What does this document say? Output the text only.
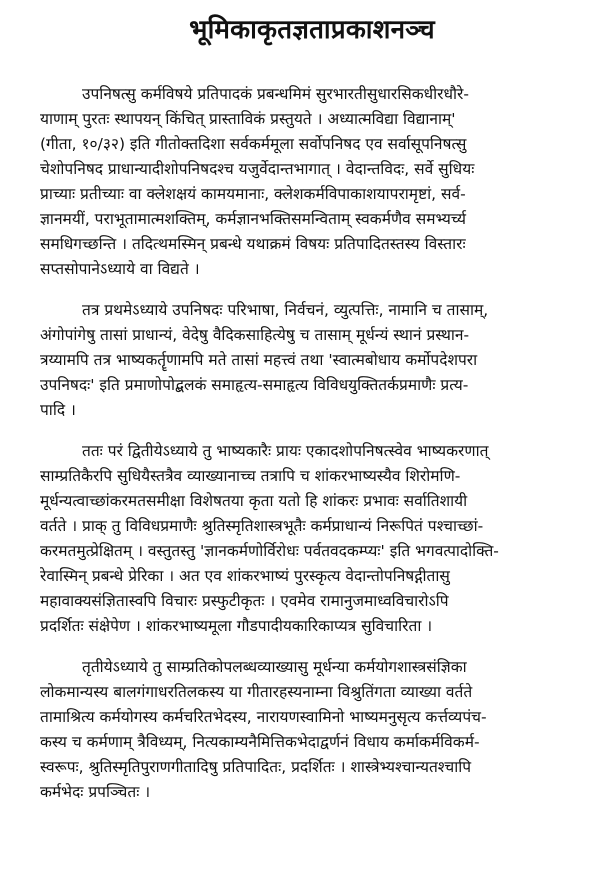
भूमिकाकृतज्ञताप्रकाशनञ्च

उपनिषत्सु कर्मविषये प्रतिपादकं प्रबन्धमिमं सुरभारतीसुधारसिकधीरधौरे-
याणाम् पुरतः स्थापयन् किंचित् प्रास्ताविकं प्रस्तुयते । अध्यात्मविद्या विद्यानाम्'
(गीता, १०/३२) इति गीतोक्तदिशा सर्वकर्ममूला सर्वोपनिषद एव सर्वासूपनिषत्सु
चेशोपनिषद प्राधान्यादीशोपनिषदश्च यजुर्वेदान्तभागात् । वेदान्तविदः, सर्वे सुधियः
प्राच्याः प्रतीच्याः वा क्लेशक्षयं कामयमानाः, क्लेशकर्मविपाकाशयापरामृष्टां, सर्व-
ज्ञानमयीं, पराभूतामात्मशक्तिम्, कर्मज्ञानभक्तिसमन्विताम् स्वकर्मणैव समभ्यर्च्य
समधिगच्छन्ति । तदित्थमस्मिन् प्रबन्धे यथाक्रमं विषयः प्रतिपादितस्तस्य विस्तारः
सप्तसोपानेऽध्याये वा विद्यते ।

तत्र प्रथमेऽध्याये उपनिषदः परिभाषा, निर्वचनं, व्युत्पत्तिः, नामानि च तासाम्,
अंगोपांगेषु तासां प्राधान्यं, वेदेषु वैदिकसाहित्येषु च तासाम् मूर्धन्यं स्थानं प्रस्थान-
त्रय्यामपि तत्र भाष्यकर्तॄणामपि मते तासां महत्त्वं तथा 'स्वात्मबोधाय कर्मोपदेशपरा
उपनिषदः' इति प्रमाणोपोद्बलकं समाहृत्य-समाहृत्य विविधयुक्तितर्कप्रमाणैः प्रत्य-
पादि ।

ततः परं द्वितीयेऽध्याये तु भाष्यकारैः प्रायः एकादशोपनिषत्स्वेव भाष्यकरणात्
साम्प्रतिकैरपि सुधियैस्तत्रैव व्याख्यानाच्च तत्रापि च शांकरभाष्यस्यैव शिरोमणि-
मूर्धन्यत्वाच्छांकरमतसमीक्षा विशेषतया कृता यतो हि शांकरः प्रभावः सर्वातिशायी
वर्तते । प्राक् तु विविधप्रमाणैः श्रुतिस्मृतिशास्त्रभूतैः कर्मप्राधान्यं निरूपितं पश्चाच्छां-
करमतमुत्प्रेक्षितम् । वस्तुतस्तु 'ज्ञानकर्मणोर्विरोधः पर्वतवदकम्प्यः' इति भगवत्पादोक्ति-
रेवास्मिन् प्रबन्धे प्रेरिका । अत एव शांकरभाष्यं पुरस्कृत्य वेदान्तोपनिषद्गीतासु
महावाक्यसंज्ञितास्वपि विचारः प्रस्फुटीकृतः । एवमेव रामानुजमाध्वविचारोऽपि
प्रदर्शितः संक्षेपेण । शांकरभाष्यमूला गौडपादीयकारिकाप्यत्र सुविचारिता ।

तृतीयेऽध्याये तु साम्प्रतिकोपलब्धव्याख्यासु मूर्धन्या कर्मयोगशास्त्रसंज्ञिका
लोकमान्यस्य बालगंगाधरतिलकस्य या गीतारहस्यनाम्ना विश्रुतिंगता व्याख्या वर्तते
तामाश्रित्य कर्मयोगस्य कर्मचरितभेदस्य, नारायणस्वामिनो भाष्यमनुसृत्य कर्त्तव्यपंच-
कस्य च कर्मणाम् त्रैविध्यम्, नित्यकाम्यनैमित्तिकभेदाद्वर्णनं विधाय कर्माकर्मविकर्म-
स्वरूपः, श्रुतिस्मृतिपुराणगीतादिषु प्रतिपादितः, प्रदर्शितः । शास्त्रेभ्यश्चान्यतश्चापि
कर्मभेदः प्रपञ्चितः ।
